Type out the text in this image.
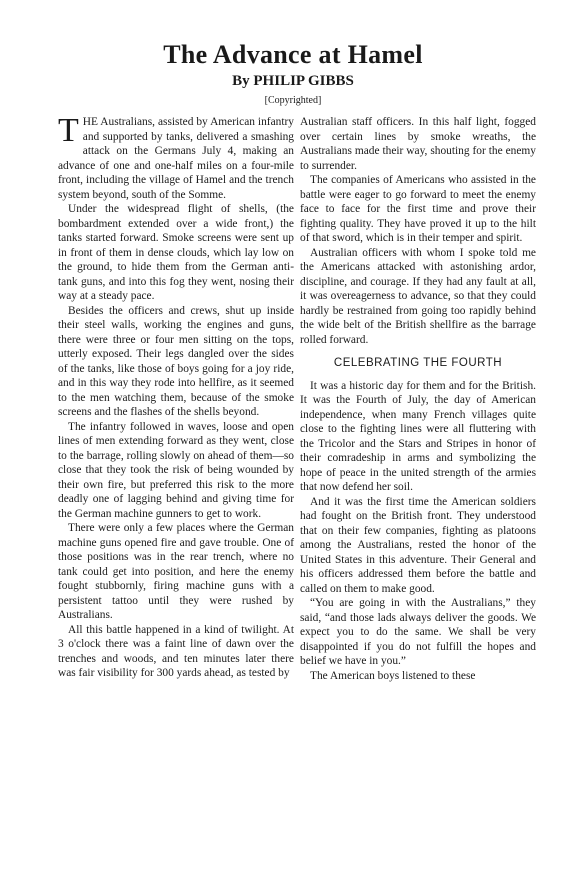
The Advance at Hamel
By PHILIP GIBBS
[Copyrighted]

THE Australians, assisted by American infantry and supported by tanks, delivered a smashing attack on the Germans July 4, making an advance of one and one-half miles on a four-mile front, including the village of Hamel and the trench system beyond, south of the Somme.

Under the widespread flight of shells, (the bombardment extended over a wide front,) the tanks started forward. Smoke screens were sent up in front of them in dense clouds, which lay low on the ground, to hide them from the German anti-tank guns, and into this fog they went, nosing their way at a steady pace.

Besides the officers and crews, shut up inside their steel walls, working the engines and guns, there were three or four men sitting on the tops, utterly exposed. Their legs dangled over the sides of the tanks, like those of boys going for a joy ride, and in this way they rode into hellfire, as it seemed to the men watching them, because of the smoke screens and the flashes of the shells beyond.

The infantry followed in waves, loose and open lines of men extending forward as they went, close to the barrage, rolling slowly on ahead of them—so close that they took the risk of being wounded by their own fire, but preferred this risk to the more deadly one of lagging behind and giving time for the German machine gunners to get to work.

There were only a few places where the German machine guns opened fire and gave trouble. One of those positions was in the rear trench, where no tank could get into position, and here the enemy fought stubbornly, firing machine guns with a persistent tattoo until they were rushed by Australians.

All this battle happened in a kind of twilight. At 3 o'clock there was a faint line of dawn over the trenches and woods, and ten minutes later there was fair visibility for 300 yards ahead, as tested by

Australian staff officers. In this half light, fogged over certain lines by smoke wreaths, the Australians made their way, shouting for the enemy to surrender.

The companies of Americans who assisted in the battle were eager to go forward to meet the enemy face to face for the first time and prove their fighting quality. They have proved it up to the hilt of that sword, which is in their temper and spirit.

Australian officers with whom I spoke told me the Americans attacked with astonishing ardor, discipline, and courage. If they had any fault at all, it was overeagerness to advance, so that they could hardly be restrained from going too rapidly behind the wide belt of the British shellfire as the barrage rolled forward.

CELEBRATING THE FOURTH

It was a historic day for them and for the British. It was the Fourth of July, the day of American independence, when many French villages quite close to the fighting lines were all fluttering with the Tricolor and the Stars and Stripes in honor of their comradeship in arms and symbolizing the hope of peace in the united strength of the armies that now defend her soil.

And it was the first time the American soldiers had fought on the British front. They understood that on their few companies, fighting as platoons among the Australians, rested the honor of the United States in this adventure. Their General and his officers addressed them before the battle and called on them to make good.

“You are going in with the Australians,” they said, “and those lads always deliver the goods. We expect you to do the same. We shall be very disappointed if you do not fulfill the hopes and belief we have in you.”

The American boys listened to these
